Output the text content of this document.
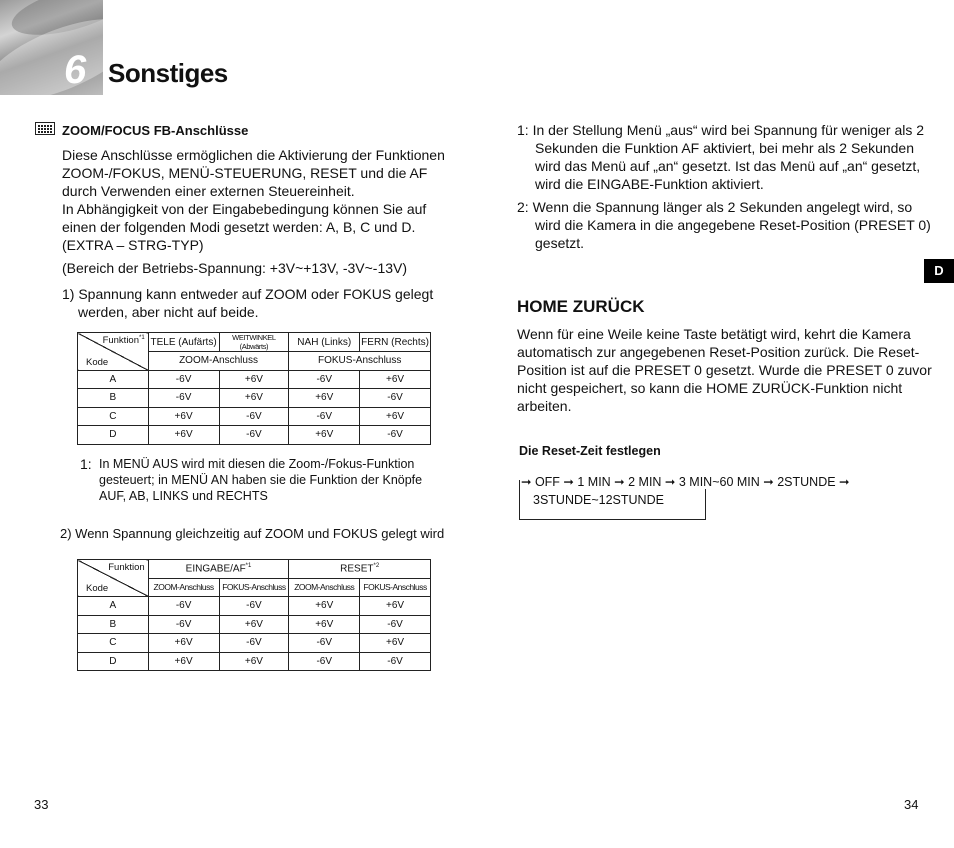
6 Sonstiges
ZOOM/FOCUS FB-Anschlüsse
Diese Anschlüsse ermöglichen die Aktivierung der Funktionen
ZOOM-/FOKUS, MENÜ-STEUERUNG, RESET und die AF
durch Verwenden einer externen Steuereinheit.
In Abhängigkeit von der Eingabebedingung können Sie auf
einen der folgenden Modi gesetzt werden: A, B, C und D.
(EXTRA – STRG-TYP)
(Bereich der Betriebs-Spannung: +3V~+13V, -3V~-13V)
1) Spannung kann entweder auf ZOOM oder FOKUS gelegt
werden, aber nicht auf beide.
Funktion$^{*1}$
Kode	TELE (Aufärts)	WEITWINKEL (Abwärts)	NAH (Links)	FERN (Rechts)
	ZOOM-Anschluss		FOKUS-Anschluss	
A	-6V	+6V	-6V	+6V
B	-6V	+6V	+6V	-6V
C	+6V	-6V	-6V	+6V
D	+6V	-6V	+6V	-6V
1: In MENÜ AUS wird mit diesen die Zoom-/Fokus-Funktion
gesteuert; in MENÜ AN haben sie die Funktion der Knöpfe
AUF, AB, LINKS und RECHTS
2) Wenn Spannung gleichzeitig auf ZOOM und FOKUS gelegt wird
Funktion
Kode	EINGABE/AF$^{*1}$		RESET$^{*2}$
	ZOOM-Anschluss	FOKUS-Anschluss	ZOOM-Anschluss	FOKUS-Anschluss
A	-6V	-6V	+6V	+6V
B	-6V	+6V	+6V	-6V
C	+6V	-6V	-6V	+6V
D	+6V	+6V	-6V	-6V
33
1: In der Stellung Menü „aus“ wird bei Spannung für weniger als 2
Sekunden die Funktion AF aktiviert, bei mehr als 2 Sekunden
wird das Menü auf „an“ gesetzt. Ist das Menü auf „an“ gesetzt,
wird die EINGABE-Funktion aktiviert.
2: Wenn die Spannung länger als 2 Sekunden angelegt wird, so
wird die Kamera in die angegebene Reset-Position (PRESET 0)
gesetzt.
D
HOME ZURÜCK
Wenn für eine Weile keine Taste betätigt wird, kehrt die Kamera
automatisch zur angegebenen Reset-Position zurück. Die Reset-
Position ist auf die PRESET 0 gesetzt. Wurde die PRESET 0 zuvor
nicht gespeichert, so kann die HOME ZURÜCK-Funktion nicht
arbeiten.
Die Reset-Zeit festlegen
➞ OFF ➞ 1 MIN ➞ 2 MIN ➞ 3 MIN~60 MIN ➞ 2STUNDE ➞
3STUNDE~12STUNDE
34
